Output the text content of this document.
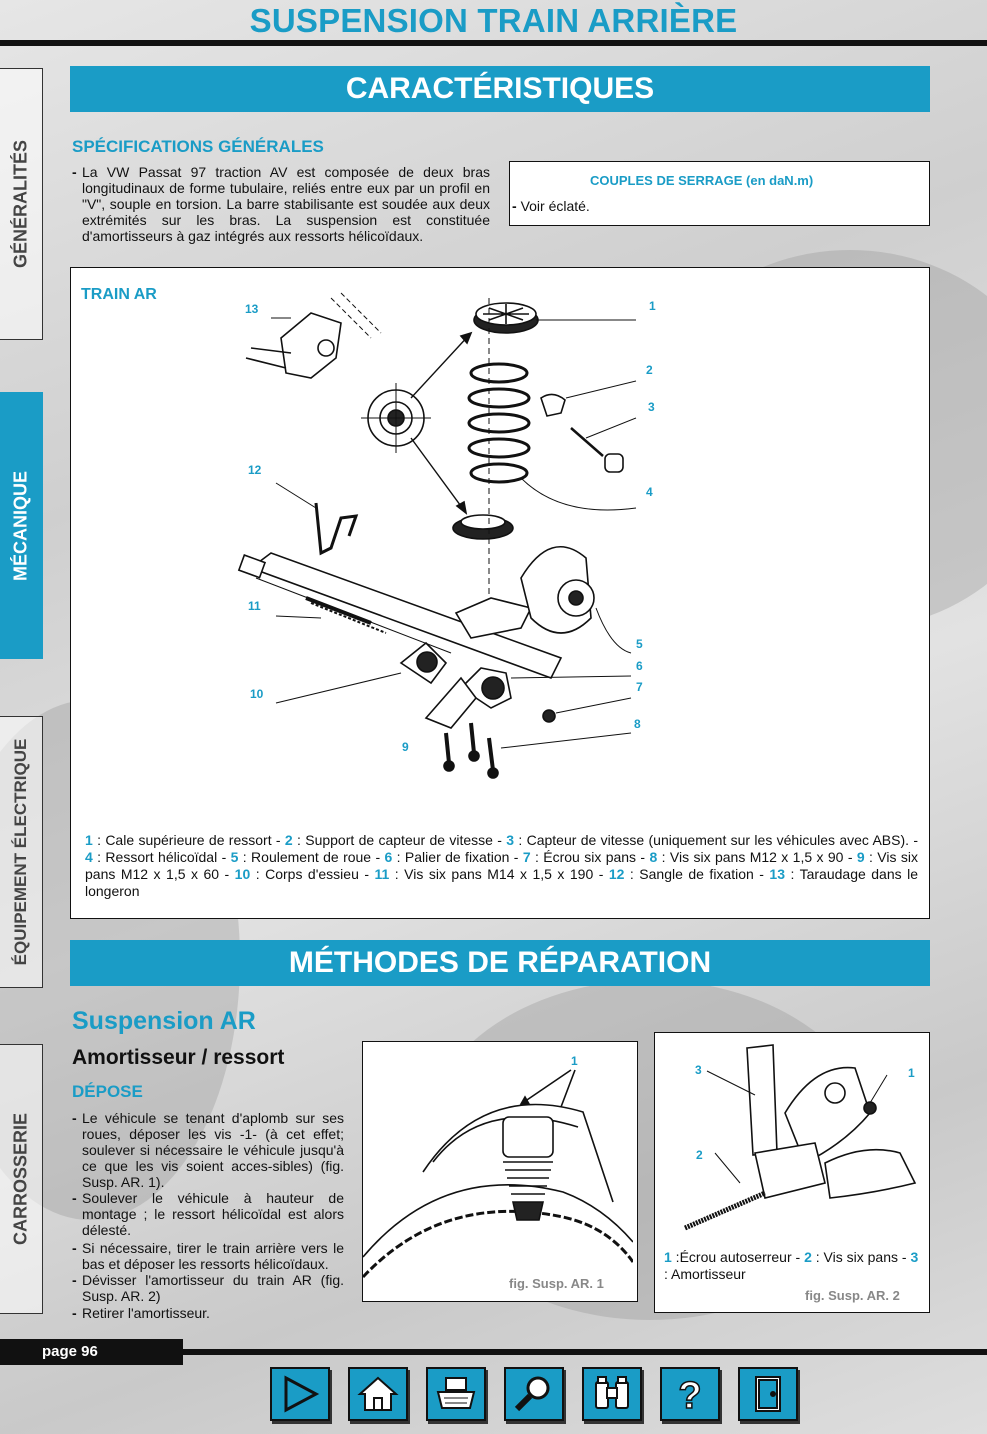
SUSPENSION TRAIN ARRIÈRE
GÉNÉRALITÉS
MÉCANIQUE
ÉQUIPEMENT ÉLECTRIQUE
CARROSSERIE
CARACTÉRISTIQUES
SPÉCIFICATIONS GÉNÉRALES
- La VW Passat 97 traction AV est composée de deux bras longitudinaux de forme tubulaire, reliés entre eux par un profil en "V", souple en torsion. La barre stabilisante est soudée aux deux extrémités sur les bras. La suspension est constituée d'amortisseurs à gaz intégrés aux ressorts hélicoïdaux.
COUPLES DE SERRAGE (en daN.m)
- Voir éclaté.
TRAIN AR
1
2
3
4
5
6
7
8
9
10
11
12
13
1 : Cale supérieure de ressort - 2 : Support de capteur de vitesse - 3 : Capteur de vitesse (uniquement sur les véhicules avec ABS). - 4 : Ressort hélicoïdal - 5 : Roulement de roue - 6 : Palier de fixation - 7 : Écrou six pans - 8 : Vis six pans M12 x 1,5 x 90 - 9 : Vis six pans M12 x 1,5 x 60 - 10 : Corps d'essieu - 11 : Vis six pans M14 x 1,5 x 190 - 12 : Sangle de fixation - 13 : Taraudage dans le longeron
MÉTHODES DE RÉPARATION
Suspension AR
Amortisseur / ressort
DÉPOSE
- Le véhicule se tenant d'aplomb sur ses roues, déposer les vis -1- (à cet effet; soulever si nécessaire le véhicule jusqu'à ce que les vis soient acces-sibles) (fig. Susp. AR. 1).
- Soulever le véhicule à hauteur de montage ; le ressort hélicoïdal est alors délesté.
- Si nécessaire, tirer le train arrière vers le bas et déposer les ressorts hélicoïdaux.
- Dévisser l'amortisseur du train AR (fig. Susp. AR. 2)
- Retirer l'amortisseur.
1
fig. Susp. AR. 1
3	1
2
1 :Écrou autoserreur - 2 : Vis six pans - 3 : Amortisseur
fig. Susp. AR. 2
page 96
?
